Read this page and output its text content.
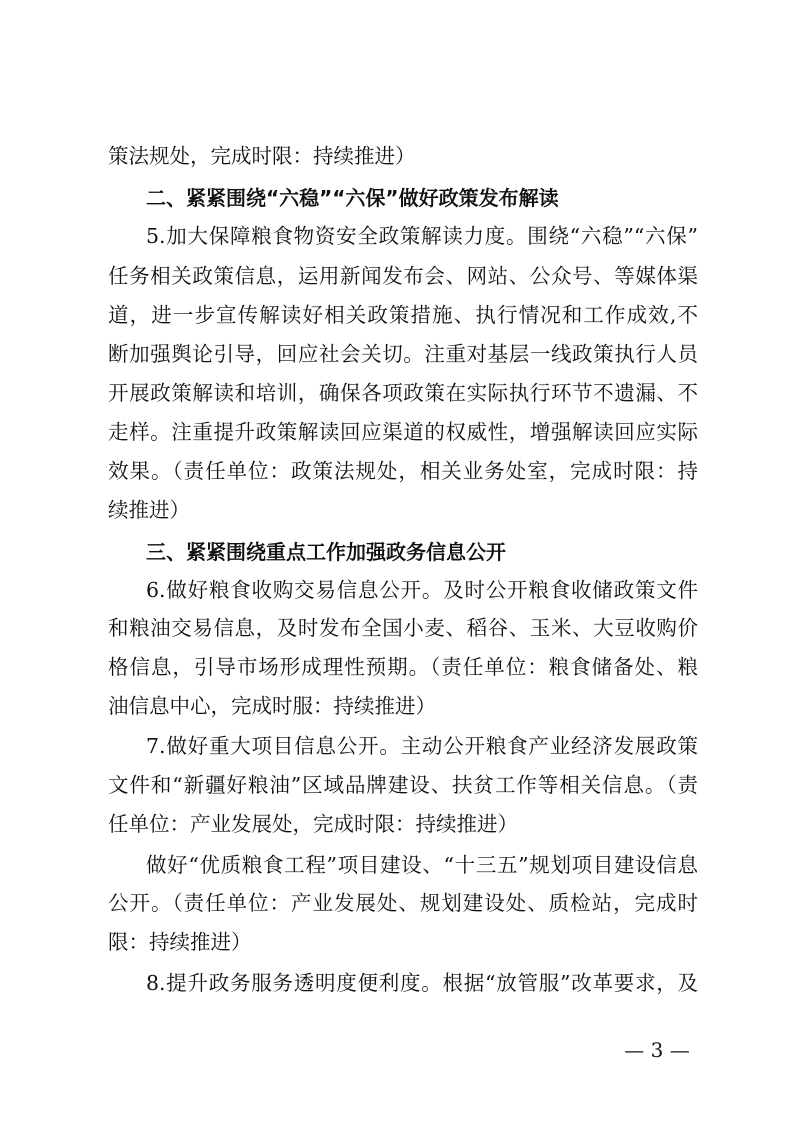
策法规处，完成时限：持续推进）
二、紧紧围绕“六稳”“六保”做好政策发布解读
5.加大保障粮食物资安全政策解读力度。围绕“六稳”“六保”
任务相关政策信息，运用新闻发布会、网站、公众号、等媒体渠
道，进一步宣传解读好相关政策措施、执行情况和工作成效,不
断加强舆论引导，回应社会关切。注重对基层一线政策执行人员
开展政策解读和培训，确保各项政策在实际执行环节不遗漏、不
走样。注重提升政策解读回应渠道的权威性，增强解读回应实际
效果。（责任单位：政策法规处，相关业务处室，完成时限：持
续推进）
三、紧紧围绕重点工作加强政务信息公开
6.做好粮食收购交易信息公开。及时公开粮食收储政策文件
和粮油交易信息，及时发布全国小麦、稻谷、玉米、大豆收购价
格信息，引导市场形成理性预期。（责任单位：粮食储备处、粮
油信息中心，完成时服：持续推进）
7.做好重大项目信息公开。主动公开粮食产业经济发展政策
文件和“新疆好粮油”区域品牌建设、扶贫工作等相关信息。（责
任单位：产业发展处，完成时限：持续推进）
做好“优质粮食工程”项目建设、“十三五”规划项目建设信息
公开。（责任单位：产业发展处、规划建设处、质检站，完成时
限：持续推进）
8.提升政务服务透明度便利度。根据“放管服”改革要求，及
— 3 —
